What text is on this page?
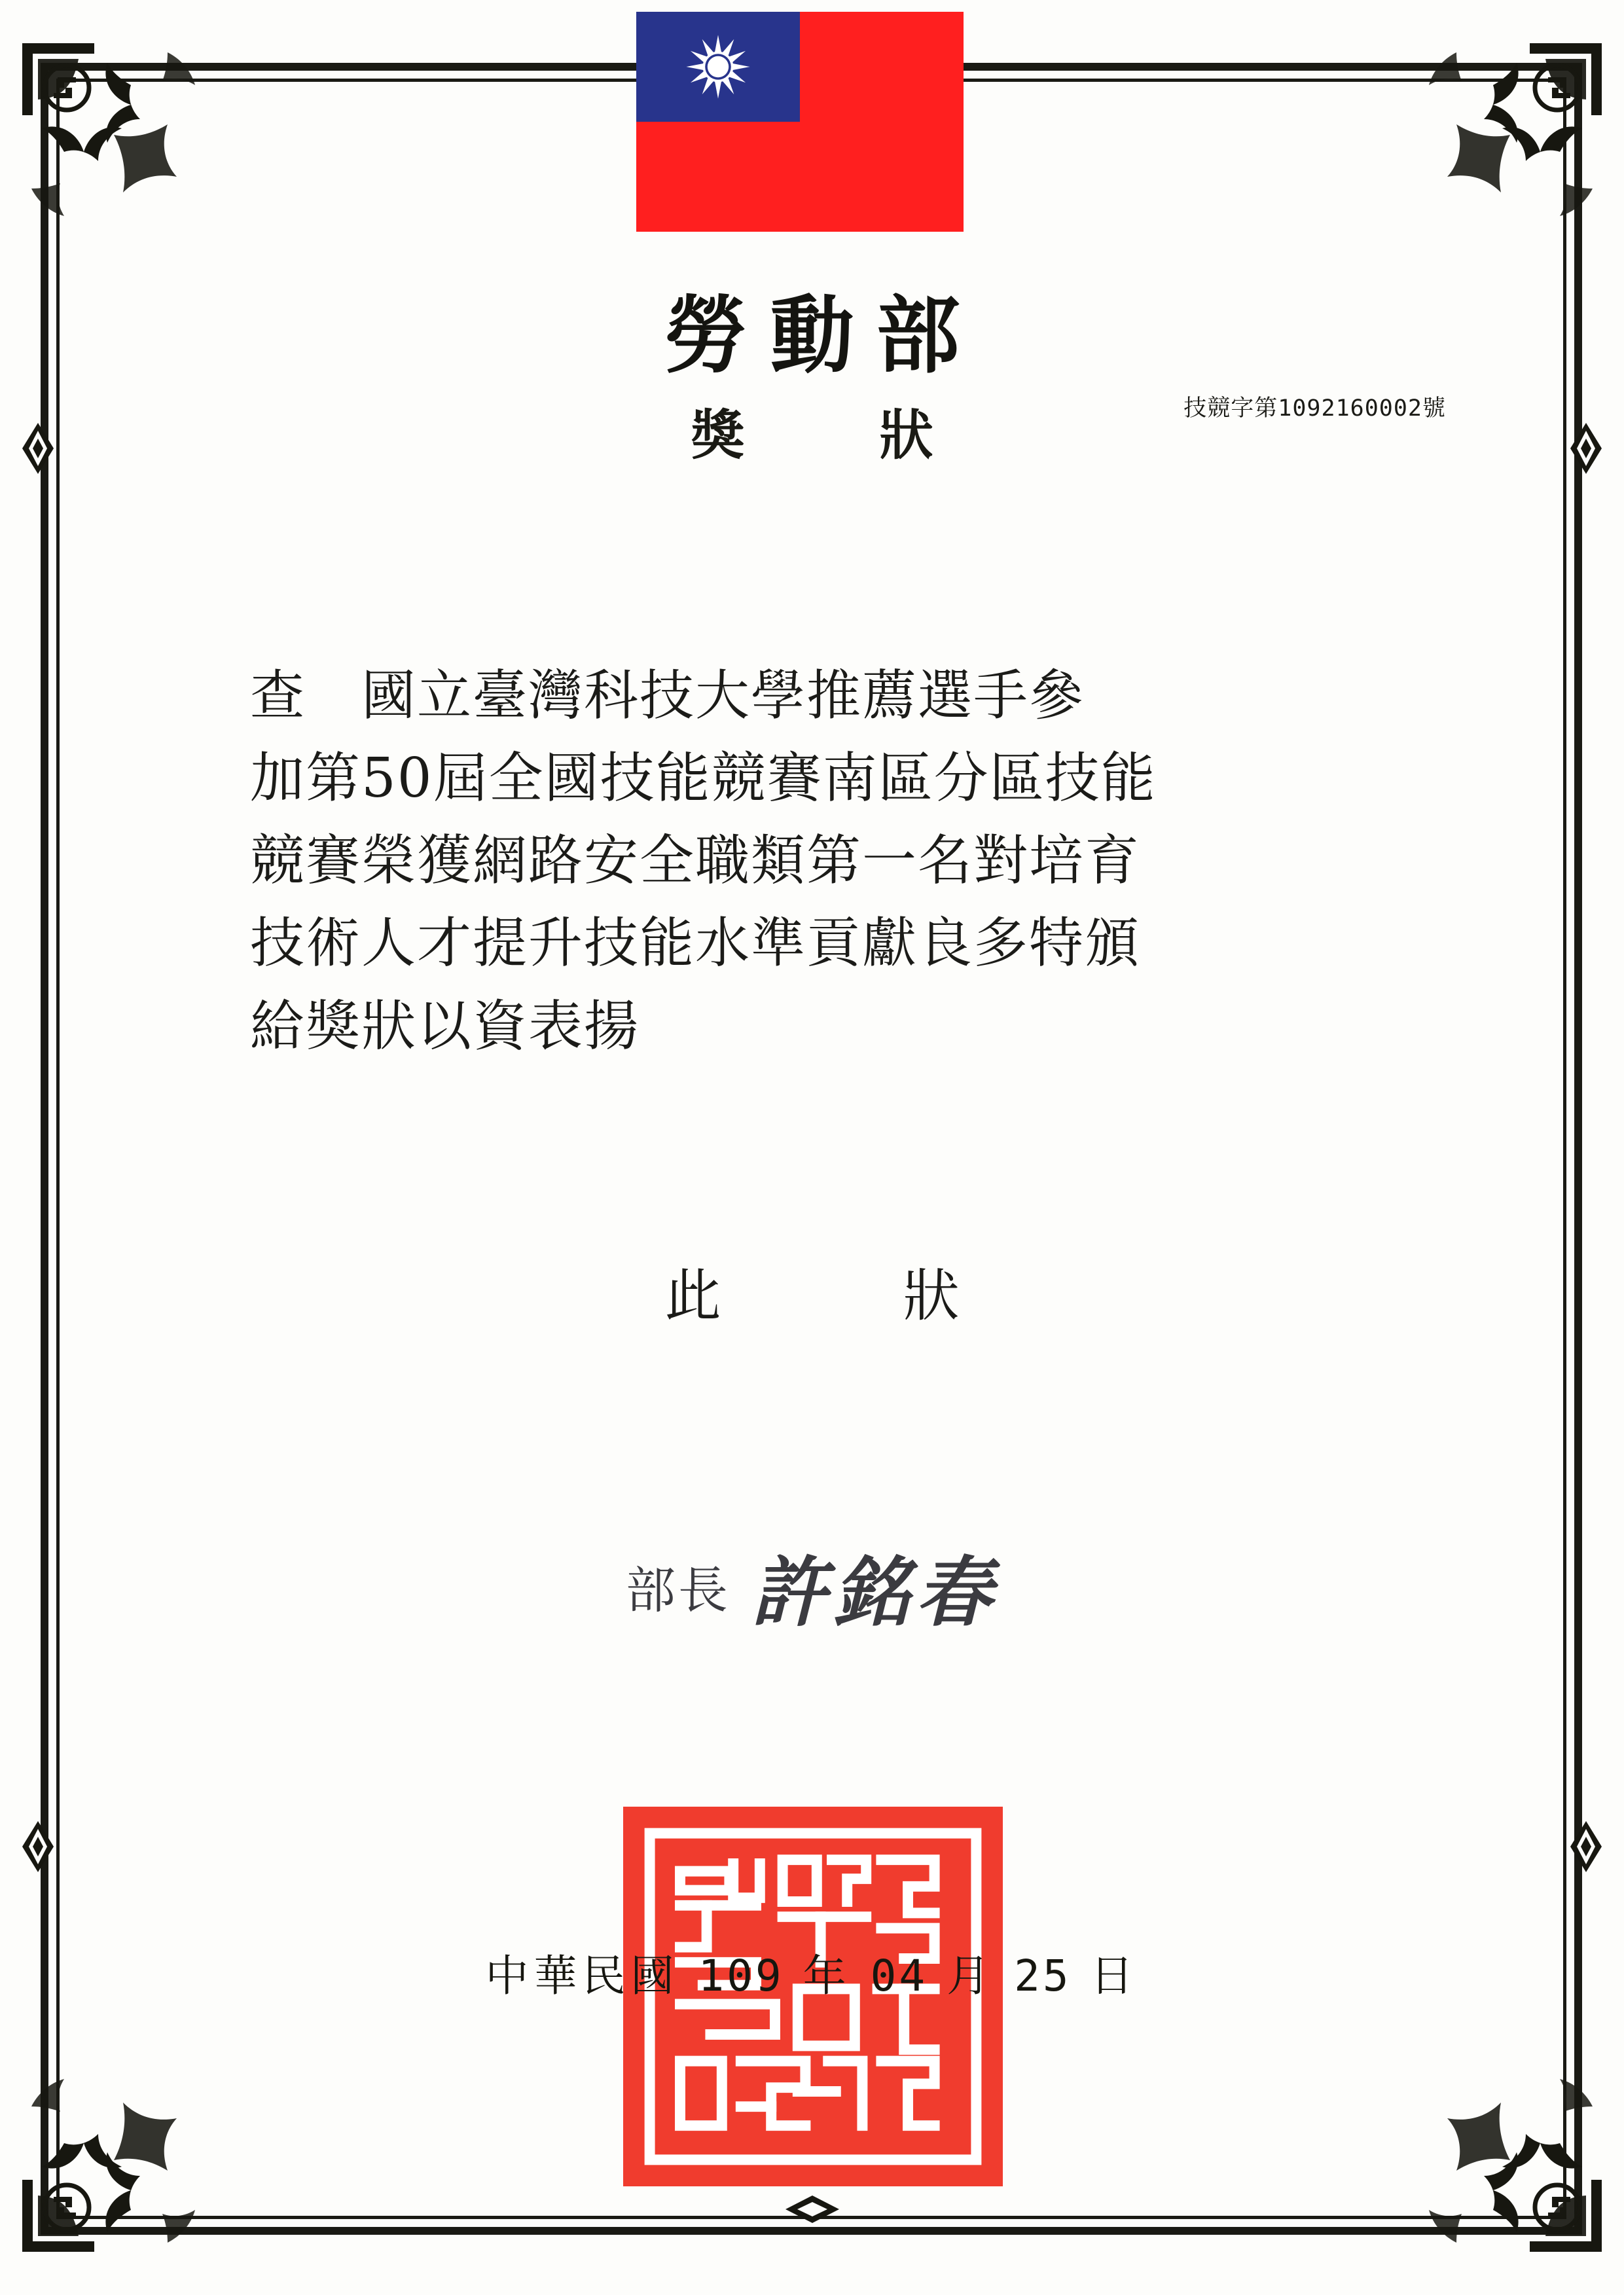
勞動部
獎　狀	技競字第1092160002號
查　國立臺灣科技大學推薦選手參
加第50屆全國技能競賽南區分區技能
競賽榮獲網路安全職類第一名對培育
技術人才提升技能水準貢獻良多特頒
給獎狀以資表揚
此　狀
部長 許銘春
中華民國 109 年 04 月 25 日
